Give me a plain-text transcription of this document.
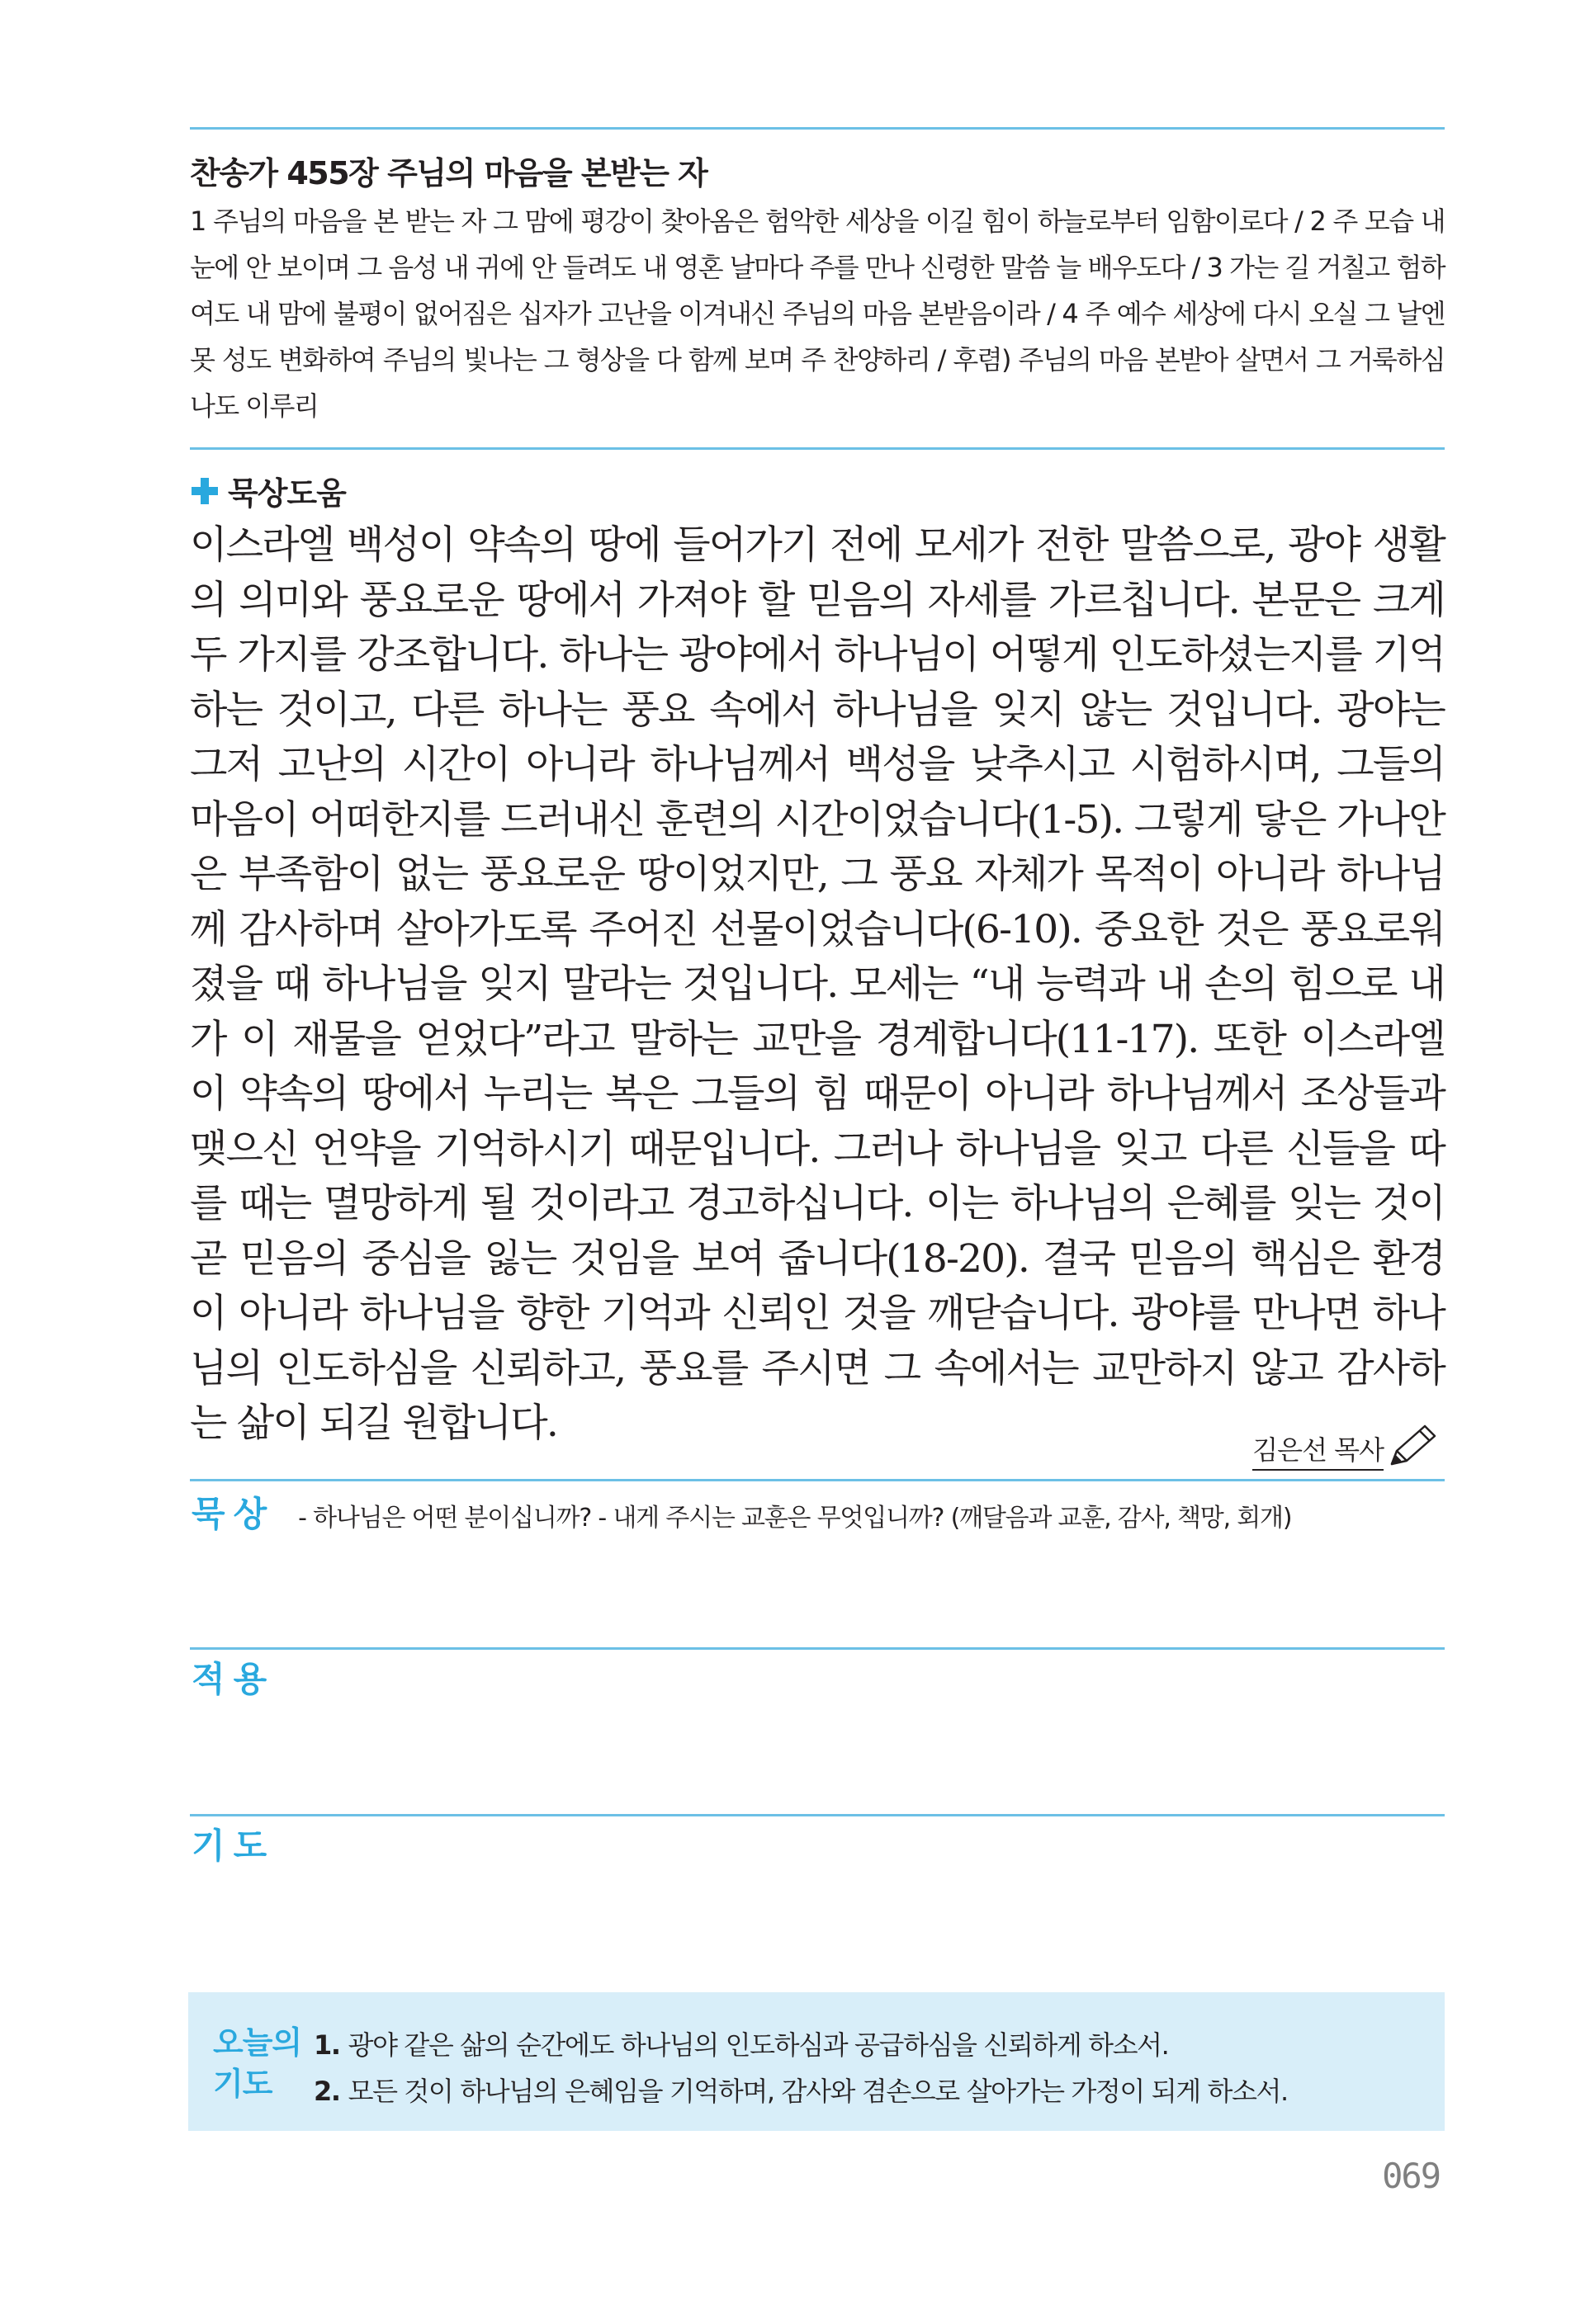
찬송가 455장 주님의 마음을 본받는 자

1 주님의 마음을 본 받는 자 그 맘에 평강이 찾아옴은 험악한 세상을 이길 힘이 하늘로부터 임함이로다 / 2 주 모습 내 눈에 안 보이며 그 음성 내 귀에 안 들려도 내 영혼 날마다 주를 만나 신령한 말씀 늘 배우도다 / 3 가는 길 거칠고 험하여도 내 맘에 불평이 없어짐은 십자가 고난을 이겨내신 주님의 마음 본받음이라 / 4 주 예수 세상에 다시 오실 그 날엔 못 성도 변화하여 주님의 빛나는 그 형상을 다 함께 보며 주 찬양하리 / 후렴) 주님의 마음 본받아 살면서 그 거룩하심 나도 이루리

묵상도움

이스라엘 백성이 약속의 땅에 들어가기 전에 모세가 전한 말씀으로, 광야 생활의 의미와 풍요로운 땅에서 가져야 할 믿음의 자세를 가르칩니다. 본문은 크게 두 가지를 강조합니다. 하나는 광야에서 하나님이 어떻게 인도하셨는지를 기억하는 것이고, 다른 하나는 풍요 속에서 하나님을 잊지 않는 것입니다. 광야는 그저 고난의 시간이 아니라 하나님께서 백성을 낮추시고 시험하시며, 그들의 마음이 어떠한지를 드러내신 훈련의 시간이었습니다(1-5). 그렇게 닿은 가나안은 부족함이 없는 풍요로운 땅이었지만, 그 풍요 자체가 목적이 아니라 하나님께 감사하며 살아가도록 주어진 선물이었습니다(6-10). 중요한 것은 풍요로워졌을 때 하나님을 잊지 말라는 것입니다. 모세는 “내 능력과 내 손의 힘으로 내가 이 재물을 얻었다”라고 말하는 교만을 경계합니다(11-17). 또한 이스라엘이 약속의 땅에서 누리는 복은 그들의 힘 때문이 아니라 하나님께서 조상들과 맺으신 언약을 기억하시기 때문입니다. 그러나 하나님을 잊고 다른 신들을 따를 때는 멸망하게 될 것이라고 경고하십니다. 이는 하나님의 은혜를 잊는 것이 곧 믿음의 중심을 잃는 것임을 보여 줍니다(18-20). 결국 믿음의 핵심은 환경이 아니라 하나님을 향한 기억과 신뢰인 것을 깨닫습니다. 광야를 만나면 하나님의 인도하심을 신뢰하고, 풍요를 주시면 그 속에서는 교만하지 않고 감사하는 삶이 되길 원합니다.

김은선 목사
묵상 - 하나님은 어떤 분이십니까? - 내게 주시는 교훈은 무엇입니까? (깨달음과 교훈, 감사, 책망, 회개)
적용
기도
오늘의
기도
1. 광야 같은 삶의 순간에도 하나님의 인도하심과 공급하심을 신뢰하게 하소서.
2. 모든 것이 하나님의 은혜임을 기억하며, 감사와 겸손으로 살아가는 가정이 되게 하소서.
069
